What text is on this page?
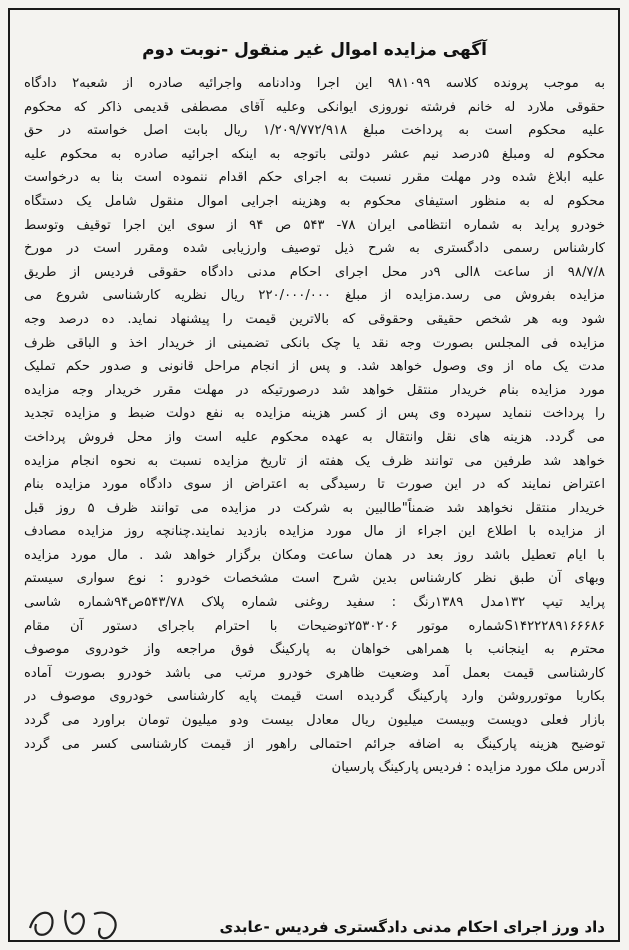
آگهی مزایده اموال غیر منقول -نوبت دوم
به موجب پرونده کلاسه ۹۸۱۰۹۹ این اجرا ودادنامه واجرائیه صادره از شعبه۲ دادگاه
حقوقی ملارد له خانم فرشته نوروزی ایوانکی وعلیه آقای مصطفی قدیمی ذاکر که محکوم
علیه محکوم است به پرداخت مبلغ ۱/۲۰۹/۷۷۲/۹۱۸ ریال بابت اصل خواسته در حق
محکوم له ومبلغ ۵درصد نیم عشر دولتی باتوجه به اینکه اجرائیه صادره به محکوم علیه
علیه ابلاغ شده ودر مهلت مقرر نسبت به اجرای حکم اقدام ننموده است بنا به درخواست
محکوم له به منظور استیفای محکوم به وهزینه اجرایی اموال منقول شامل یک دستگاه
خودرو پراید به شماره انتظامی ایران ۷۸- ۵۴۳ ص ۹۴ از سوی این اجرا توقیف وتوسط
کارشناس رسمی دادگستری به شرح ذیل توصیف وارزیابی شده ومقرر است در مورخ
۹۸/۷/۸ از ساعت ۸الی ۹در محل اجرای احکام مدنی دادگاه حقوقی فردیس از طریق
مزایده بفروش می رسد.مزایده از مبلغ ۲۲۰/۰۰۰/۰۰۰ ریال نظریه کارشناسی شروع می
شود وبه هر شخص حقیقی وحقوقی که بالاترین قیمت را پیشنهاد نماید. ده درصد وجه
مزایده فی المجلس بصورت وجه نقد یا چک بانکی تضمینی از خریدار اخذ و الباقی ظرف
مدت یک ماه از وی وصول خواهد شد. و پس از انجام مراحل قانونی و صدور حکم تملیک
مورد مزایده بنام خریدار منتقل خواهد شد درصورتیکه در مهلت مقرر خریدار وجه مزایده
را پرداخت ننماید سپرده وی پس از کسر هزینه مزایده به نفع دولت ضبط و مزایده تجدید
می گردد. هزینه های نقل وانتقال به عهده محکوم علیه است واز محل فروش پرداخت
خواهد شد طرفین می توانند ظرف یک هفته از تاریخ مزایده نسبت به نحوه انجام مزایده
اعتراض نمایند که در این صورت تا رسیدگی به اعتراض از سوی دادگاه مورد مزایده بنام
خریدار منتقل نخواهد شد ضمناً"طالبین به شرکت در مزایده می توانند ظرف ۵ روز قبل
از مزایده با اطلاع این اجراء از مال مورد مزایده بازدید نمایند.چنانچه روز مزایده مصادف
با ایام تعطیل باشد روز بعد در همان ساعت ومکان برگزار خواهد شد . مال مورد مزایده
وبهای آن طبق نظر کارشناس بدین شرح است مشخصات خودرو : نوع سواری سیستم
پراید تیپ ۱۳۲مدل ۱۳۸۹رنگ : سفید روغنی شماره پلاک ۵۴۳/۷۸ص۹۴شماره شاسی
S۱۴۲۲۲۸۹۱۶۶۶۸۶شماره موتور ۲۵۳۰۲۰۶توضیحات با احترام باجرای دستور آن مقام
محترم به اینجانب با همراهی خواهان به پارکینگ فوق مراجعه واز خودروی موصوف
کارشناسی قیمت بعمل آمد وضعیت ظاهری خودرو مرتب می باشد خودرو بصورت آماده
بکاربا موتورروشن وارد پارکینگ گردیده است قیمت پایه کارشناسی خودروی موصوف در
بازار فعلی دویست وبیست میلیون ریال معادل بیست ودو میلیون تومان براورد می گردد
توضیح هزینه پارکینگ به اضافه جرائم احتمالی راهور از قیمت کارشناسی کسر می گردد
آدرس ملک مورد مزایده : فردیس پارکینگ پارسیان

داد ورز اجرای احکام مدنی دادگستری فردیس -عابدی
